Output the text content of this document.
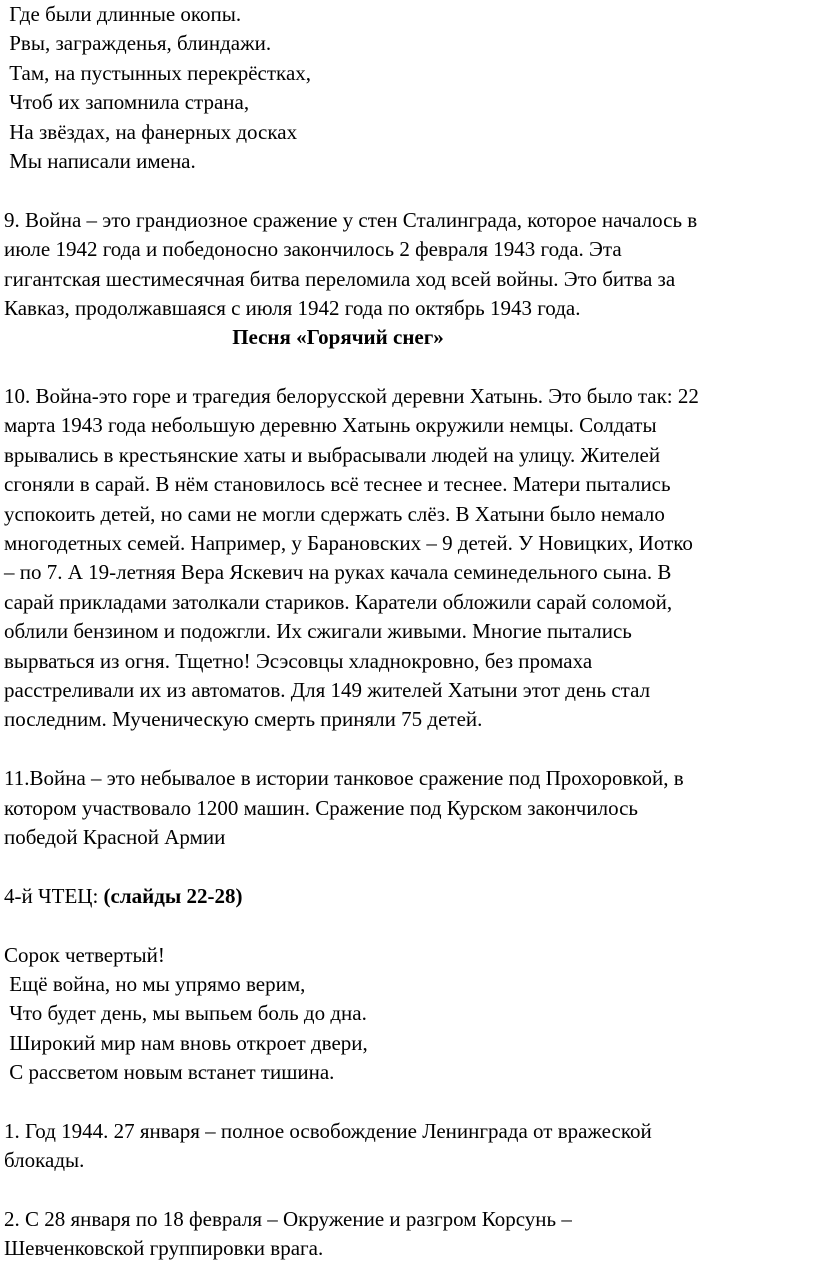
Где были длинные окопы.
Рвы, загражденья, блиндажи.
Там, на пустынных перекрёстках,
Чтоб их запомнила страна,
На звёздах, на фанерных досках
Мы написали имена.
9. Война – это грандиозное сражение у стен Сталинграда, которое началось в
июле 1942 года и победоносно закончилось 2 февраля 1943 года. Эта
гигантская шестимесячная битва переломила ход всей войны. Это битва за
Кавказ, продолжавшаяся с июля 1942 года по октябрь 1943 года.
Песня «Горячий снег»
10. Война-это горе и трагедия белорусской деревни Хатынь. Это было так: 22
марта 1943 года небольшую деревню Хатынь окружили немцы. Солдаты
врывались в крестьянские хаты и выбрасывали людей на улицу. Жителей
сгоняли в сарай. В нём становилось всё теснее и теснее. Матери пытались
успокоить детей, но сами не могли сдержать слёз. В Хатыни было немало
многодетных семей. Например, у Барановских – 9 детей. У Новицких, Иотко
– по 7. А 19-летняя Вера Яскевич на руках качала семинедельного сына. В
сарай прикладами затолкали стариков. Каратели обложили сарай соломой,
облили бензином и подожгли. Их сжигали живыми. Многие пытались
вырваться из огня. Тщетно! Эсэсовцы хладнокровно, без промаха
расстреливали их из автоматов. Для 149 жителей Хатыни этот день стал
последним. Мученическую смерть приняли 75 детей.
11.Война – это небывалое в истории танковое сражение под Прохоровкой, в
котором участвовало 1200 машин. Сражение под Курском закончилось
победой Красной Армии
4-й ЧТЕЦ: (слайды 22-28)
Сорок четвертый!
Ещё война, но мы упрямо верим,
Что будет день, мы выпьем боль до дна.
Широкий мир нам вновь откроет двери,
С рассветом новым встанет тишина.
1. Год 1944. 27 января – полное освобождение Ленинграда от вражеской
блокады.
2. С 28 января по 18 февраля – Окружение и разгром Корсунь –
Шевченковской группировки врага.
